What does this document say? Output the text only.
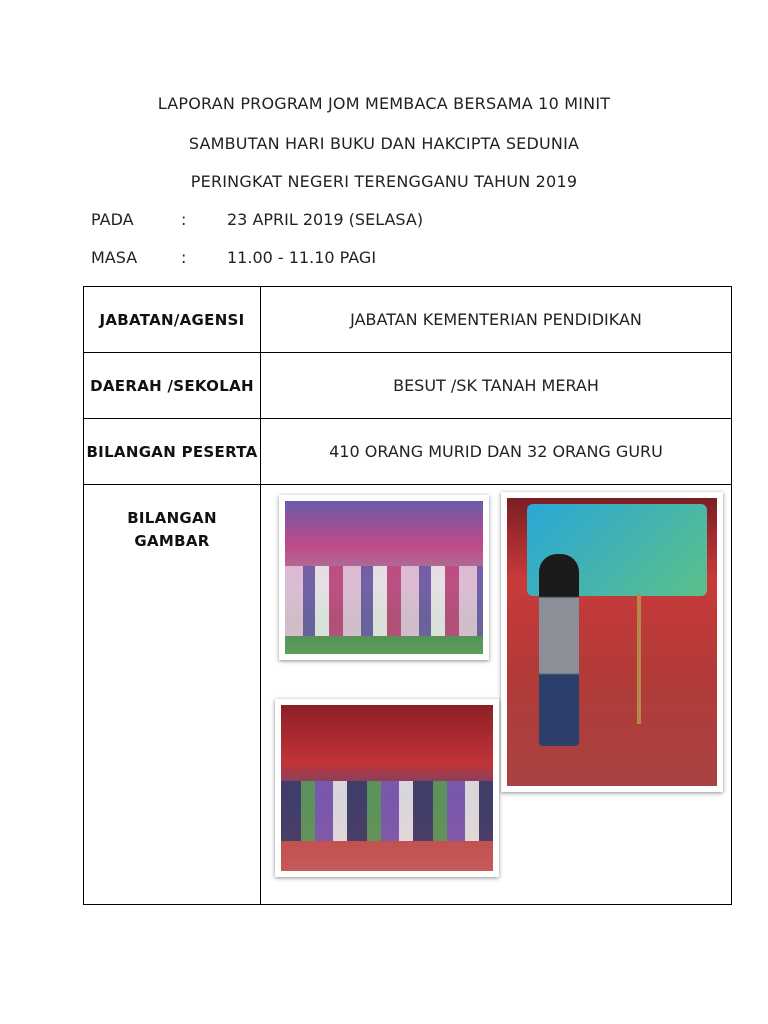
LAPORAN PROGRAM JOM MEMBACA BERSAMA 10 MINIT
SAMBUTAN HARI BUKU DAN HAKCIPTA SEDUNIA
PERINGKAT NEGERI TERENGGANU TAHUN 2019
PADA	:	23 APRIL 2019 (SELASA)
MASA	:	11.00 - 11.10 PAGI
JABATAN/AGENSI	JABATAN KEMENTERIAN PENDIDIKAN
DAERAH /SEKOLAH	BESUT /SK TANAH MERAH
BILANGAN PESERTA	410 ORANG MURID DAN 32 ORANG GURU
BILANGAN
GAMBAR	
